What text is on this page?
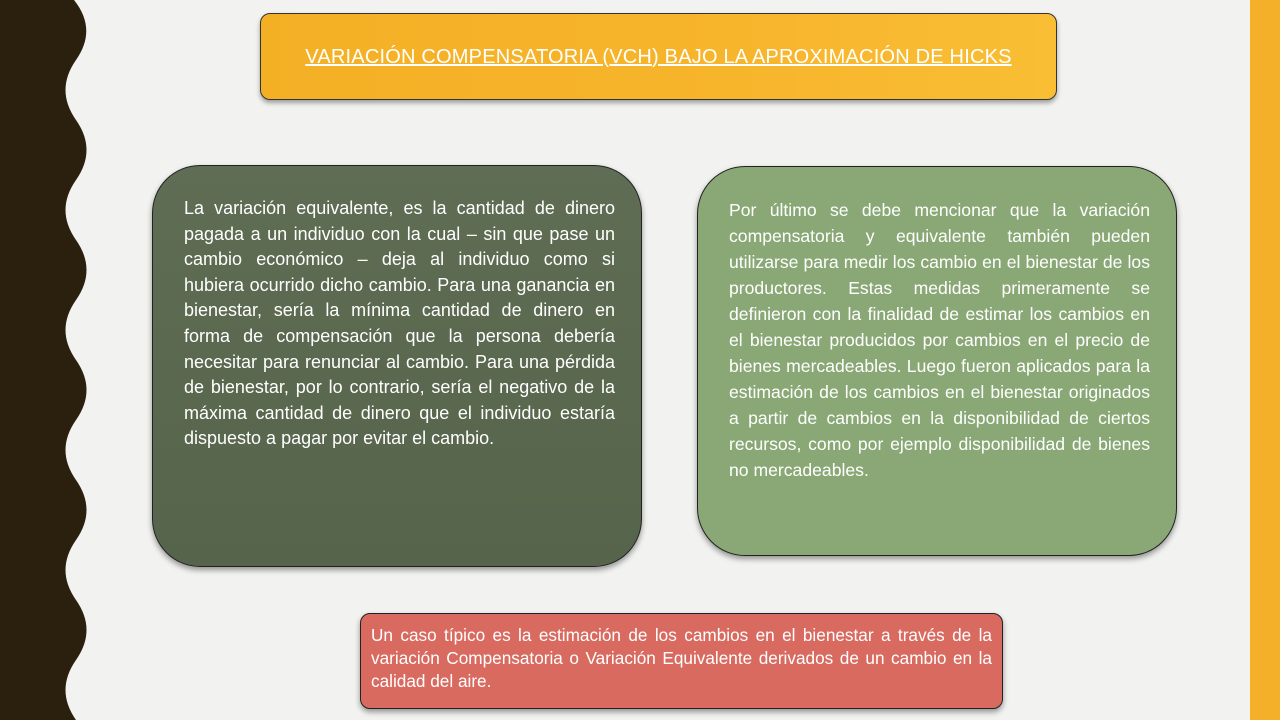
VARIACIÓN COMPENSATORIA (VCH) BAJO LA APROXIMACIÓN DE HICKS
La variación equivalente, es la cantidad de dinero pagada a un individuo con la cual – sin que pase un cambio económico – deja al individuo como si hubiera ocurrido dicho cambio. Para una ganancia en bienestar, sería la mínima cantidad de dinero en forma de compensación que la persona debería necesitar para renunciar al cambio. Para una pérdida de bienestar, por lo contrario, sería el negativo de la máxima cantidad de dinero que el individuo estaría dispuesto a pagar por evitar el cambio.
Por último se debe mencionar que la variación compensatoria y equivalente también pueden utilizarse para medir los cambio en el bienestar de los productores. Estas medidas primeramente se definieron con la finalidad de estimar los cambios en el bienestar producidos por cambios en el precio de bienes mercadeables. Luego fueron aplicados para la estimación de los cambios en el bienestar originados a partir de cambios en la disponibilidad de ciertos recursos, como por ejemplo disponibilidad de bienes no mercadeables.
Un caso típico es la estimación de los cambios en el bienestar a través de la variación Compensatoria o Variación Equivalente derivados de un cambio en la calidad del aire.
